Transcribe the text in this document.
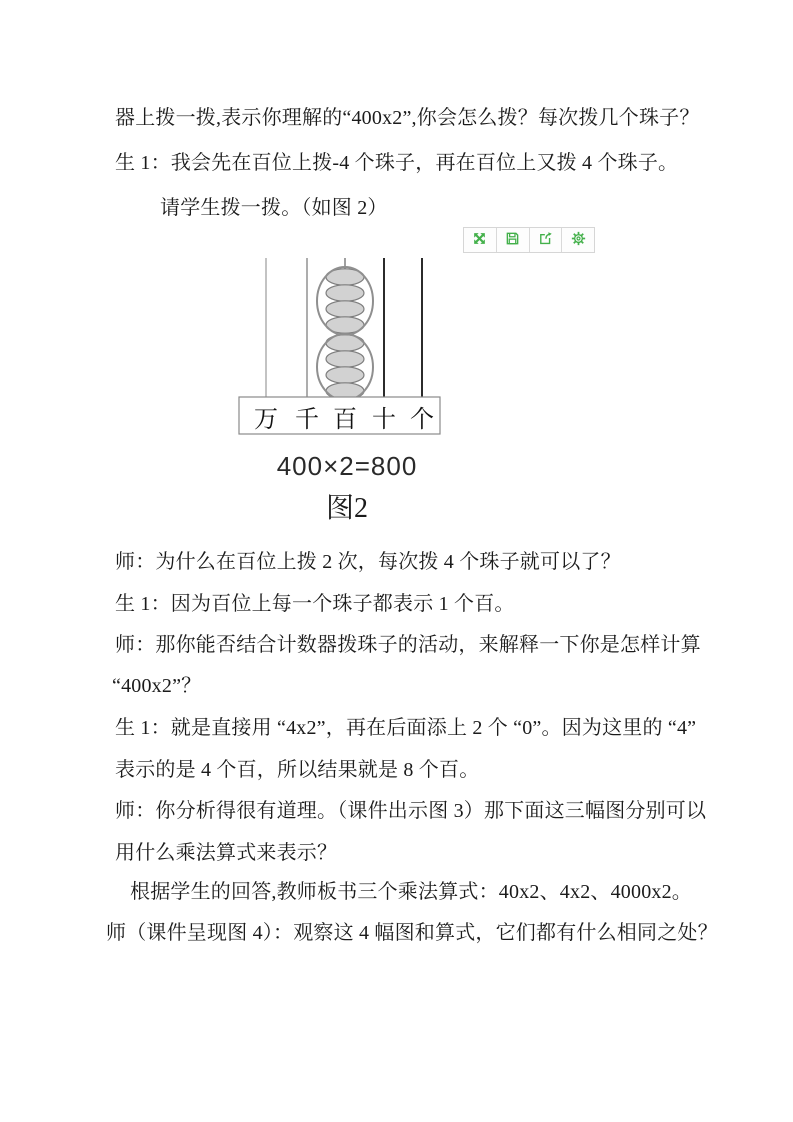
器上拨一拨,表示你理解的“400x2”,你会怎么拨？每次拨几个珠子？

生 1：我会先在百位上拨-4 个珠子，再在百位上又拨 4 个珠子。

请学生拨一拨。（如图 2）

师：为什么在百位上拨 2 次，每次拨 4 个珠子就可以了？

生 1：因为百位上每一个珠子都表示 1 个百。

师：那你能否结合计数器拨珠子的活动，来解释一下你是怎样计算

“400x2”？

生 1：就是直接用 “4x2”，再在后面添上 2 个 “0”。因为这里的 “4”

表示的是 4 个百，所以结果就是 8 个百。

师：你分析得很有道理。（课件出示图 3）那下面这三幅图分别可以

用什么乘法算式来表示？

根据学生的回答,教师板书三个乘法算式：40x2、4x2、4000x2。

师（课件呈现图 4）：观察这 4 幅图和算式，它们都有什么相同之处？

万 千 百 十 个
400×2=800
图2
